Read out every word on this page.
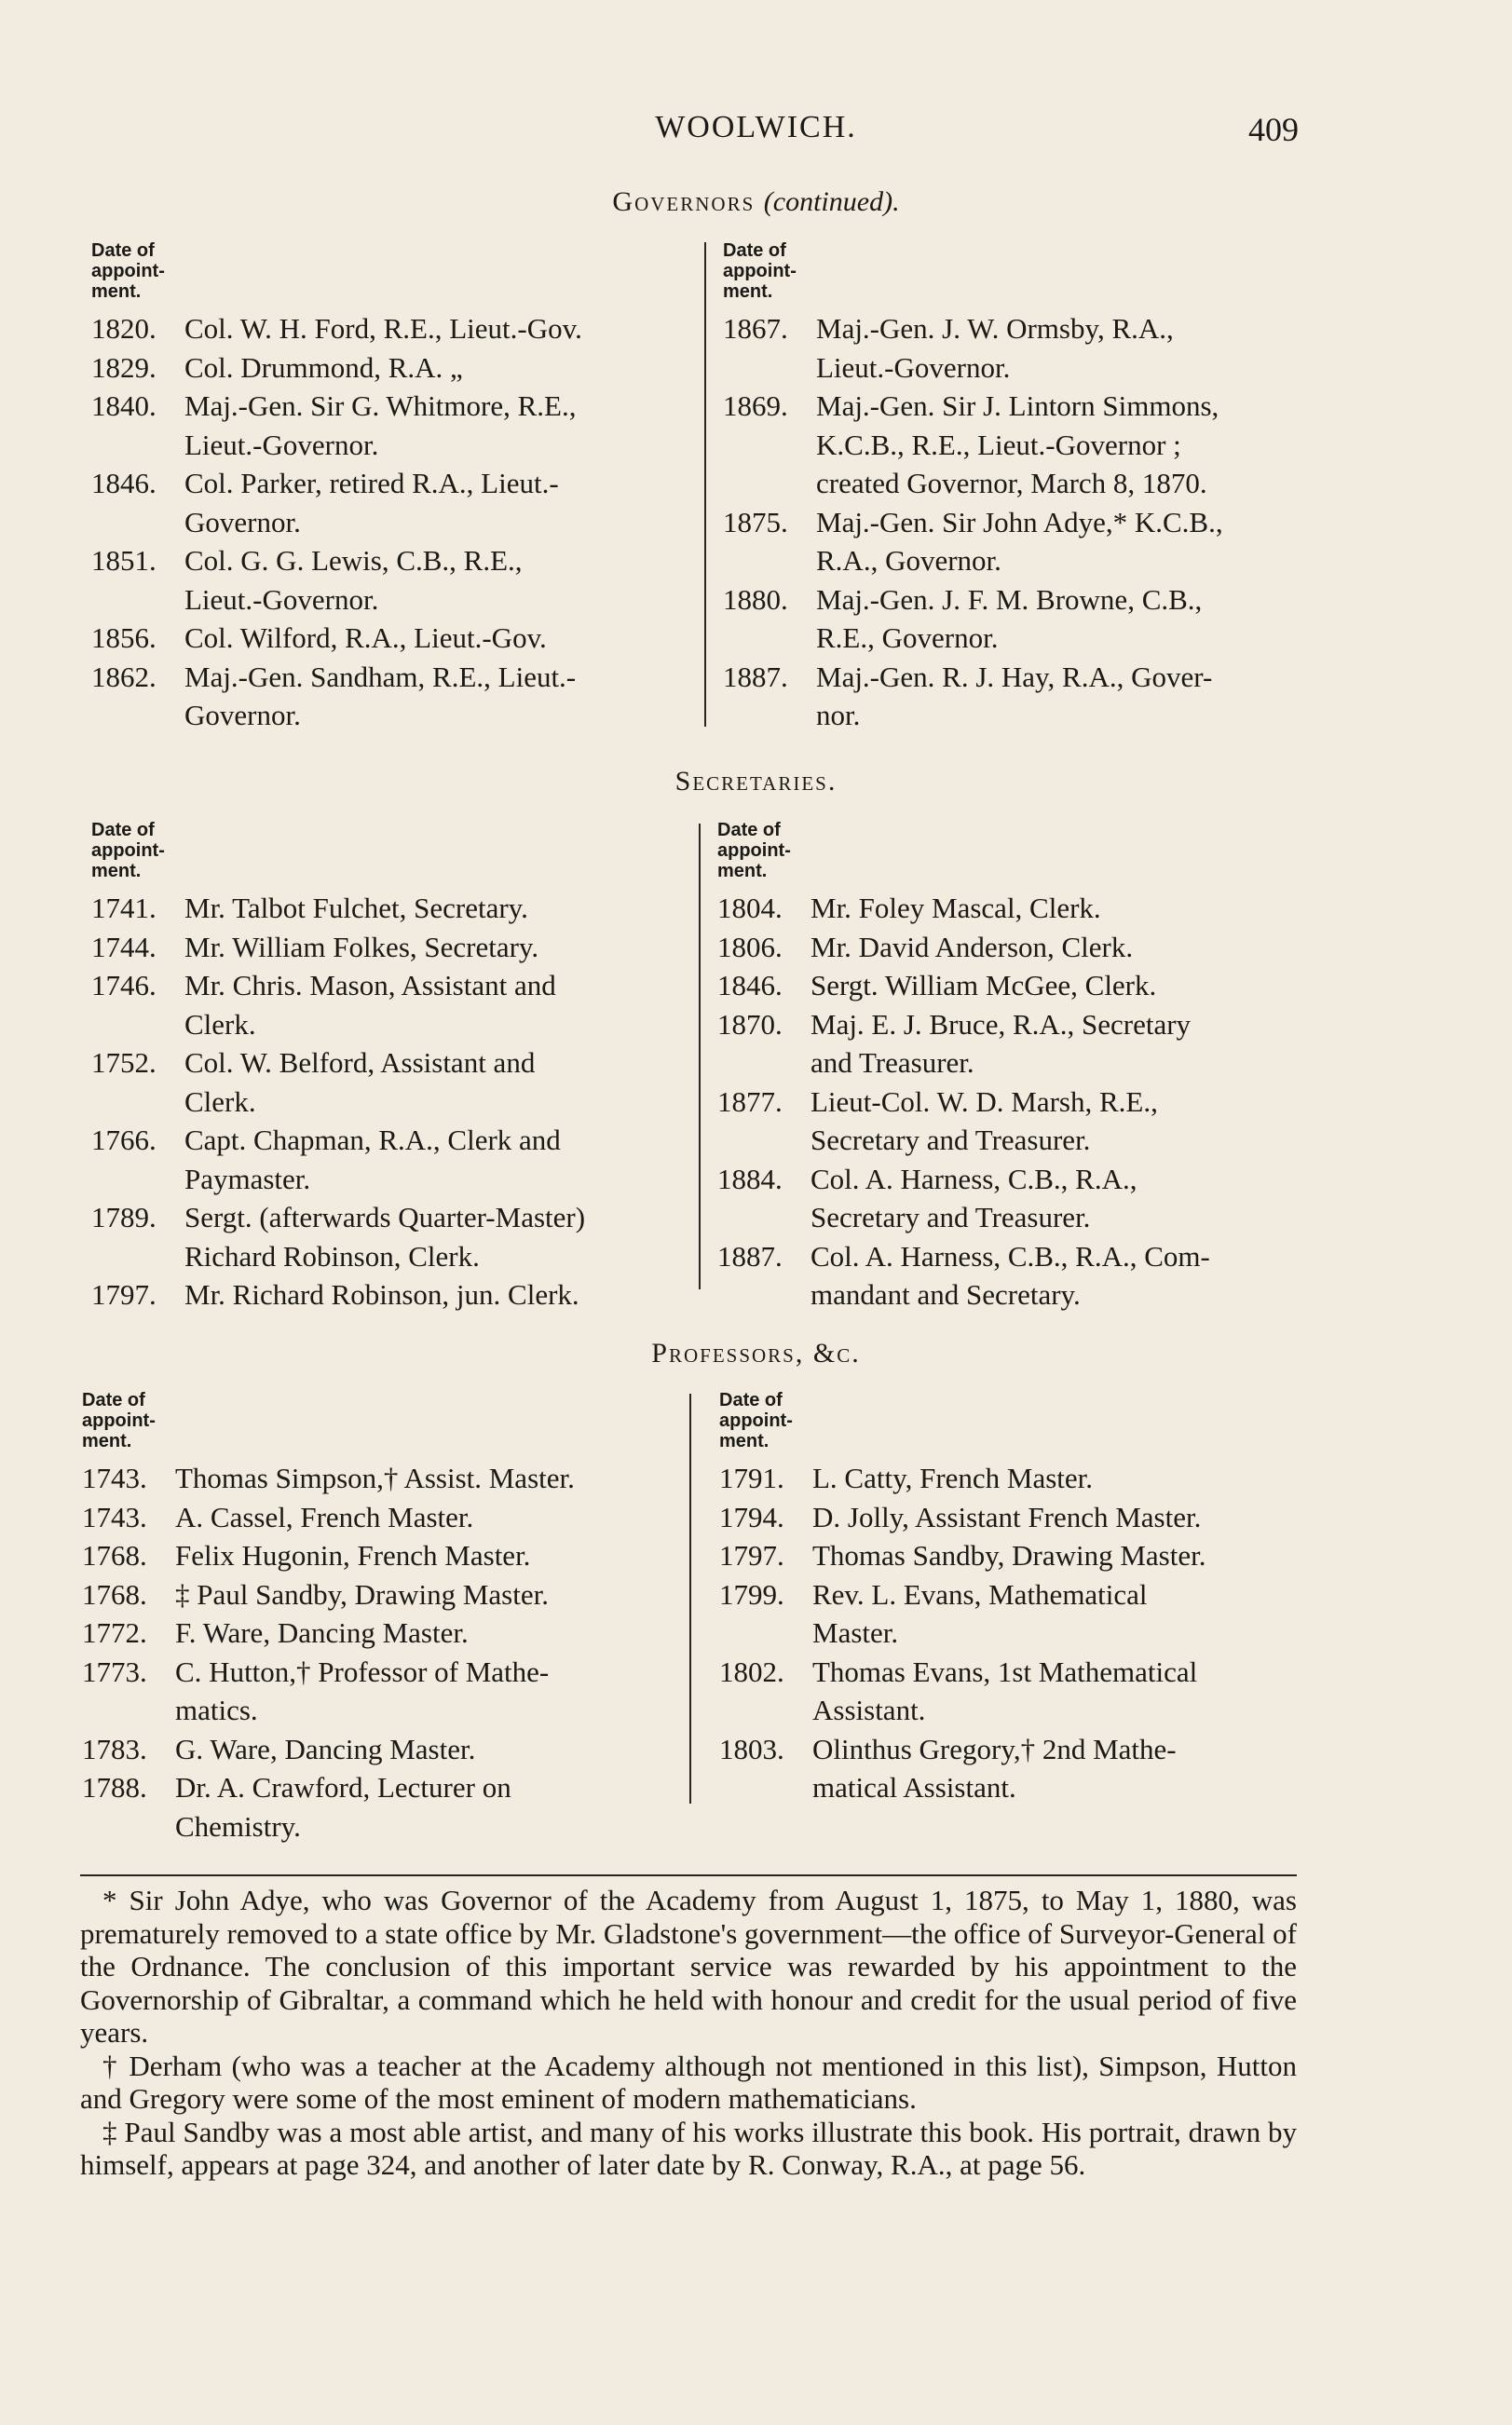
WOOLWICH.	409
Governors (continued).
Date of
appoint-
ment.
1820. Col. W. H. Ford, R.E., Lieut.-Gov.
1829. Col. Drummond, R.A. „
1840. Maj.-Gen. Sir G. Whitmore, R.E.,
Lieut.-Governor.
1846. Col. Parker, retired R.A., Lieut.-
Governor.
1851. Col. G. G. Lewis, C.B., R.E.,
Lieut.-Governor.
1856. Col. Wilford, R.A., Lieut.-Gov.
1862. Maj.-Gen. Sandham, R.E., Lieut.-
Governor.
Date of
appoint-
ment.
1867. Maj.-Gen. J. W. Ormsby, R.A.,
Lieut.-Governor.
1869. Maj.-Gen. Sir J. Lintorn Simmons,
K.C.B., R.E., Lieut.-Governor ;
created Governor, March 8, 1870.
1875. Maj.-Gen. Sir John Adye,* K.C.B.,
R.A., Governor.
1880. Maj.-Gen. J. F. M. Browne, C.B.,
R.E., Governor.
1887. Maj.-Gen. R. J. Hay, R.A., Gover-
nor.
Secretaries.
Date of
appoint-
ment.
1741. Mr. Talbot Fulchet, Secretary.
1744. Mr. William Folkes, Secretary.
1746. Mr. Chris. Mason, Assistant and
Clerk.
1752. Col. W. Belford, Assistant and
Clerk.
1766. Capt. Chapman, R.A., Clerk and
Paymaster.
1789. Sergt. (afterwards Quarter-Master)
Richard Robinson, Clerk.
1797. Mr. Richard Robinson, jun. Clerk.
Date of
appoint-
ment.
1804. Mr. Foley Mascal, Clerk.
1806. Mr. David Anderson, Clerk.
1846. Sergt. William McGee, Clerk.
1870. Maj. E. J. Bruce, R.A., Secretary
and Treasurer.
1877. Lieut-Col. W. D. Marsh, R.E.,
Secretary and Treasurer.
1884. Col. A. Harness, C.B., R.A.,
Secretary and Treasurer.
1887. Col. A. Harness, C.B., R.A., Com-
mandant and Secretary.
Professors, &c.
Date of
appoint-
ment.
1743. Thomas Simpson,† Assist. Master.
1743. A. Cassel, French Master.
1768. Felix Hugonin, French Master.
1768. ‡ Paul Sandby, Drawing Master.
1772. F. Ware, Dancing Master.
1773. C. Hutton,† Professor of Mathe-
matics.
1783. G. Ware, Dancing Master.
1788. Dr. A. Crawford, Lecturer on
Chemistry.
Date of
appoint-
ment.
1791. L. Catty, French Master.
1794. D. Jolly, Assistant French Master.
1797. Thomas Sandby, Drawing Master.
1799. Rev. L. Evans, Mathematical
Master.
1802. Thomas Evans, 1st Mathematical
Assistant.
1803. Olinthus Gregory,† 2nd Mathe-
matical Assistant.

* Sir John Adye, who was Governor of the Academy from August 1, 1875, to May 1, 1880, was prematurely removed to a state office by Mr. Gladstone's government—the office of Surveyor-General of the Ordnance. The conclusion of this important service was rewarded by his appointment to the Governorship of Gibraltar, a command which he held with honour and credit for the usual period of five years.

† Derham (who was a teacher at the Academy although not mentioned in this list), Simpson, Hutton and Gregory were some of the most eminent of modern mathematicians.

‡ Paul Sandby was a most able artist, and many of his works illustrate this book. His portrait, drawn by himself, appears at page 324, and another of later date by R. Conway, R.A., at page 56.
